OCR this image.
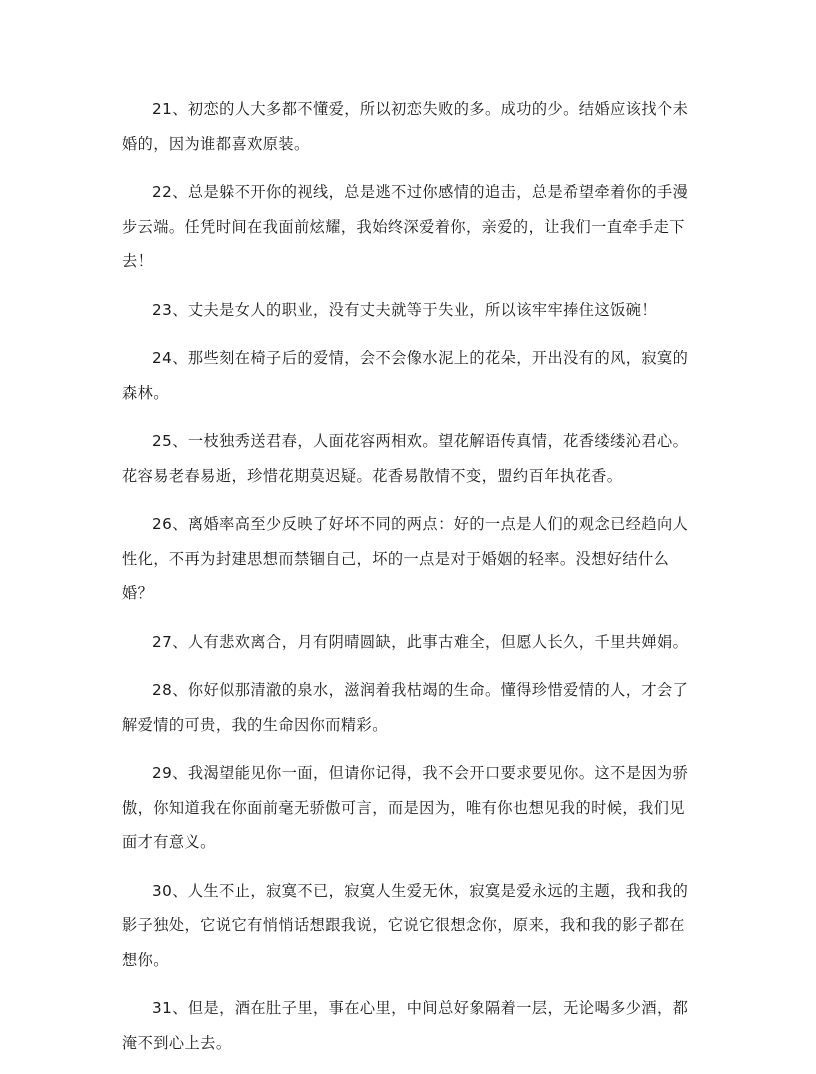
21、初恋的人大多都不懂爱，所以初恋失败的多。成功的少。结婚应该找个未婚的，因为谁都喜欢原装。

22、总是躲不开你的视线，总是逃不过你感情的追击，总是希望牵着你的手漫步云端。任凭时间在我面前炫耀，我始终深爱着你，亲爱的，让我们一直牵手走下去！

23、丈夫是女人的职业，没有丈夫就等于失业，所以该牢牢捧住这饭碗！

24、那些刻在椅子后的爱情，会不会像水泥上的花朵，开出没有的风，寂寞的森林。

25、一枝独秀送君春，人面花容两相欢。望花解语传真情，花香缕缕沁君心。花容易老春易逝，珍惜花期莫迟疑。花香易散情不变，盟约百年执花香。

26、离婚率高至少反映了好坏不同的两点：好的一点是人们的观念已经趋向人性化，不再为封建思想而禁锢自己，坏的一点是对于婚姻的轻率。没想好结什么婚？

27、人有悲欢离合，月有阴晴圆缺，此事古难全，但愿人长久，千里共婵娟。

28、你好似那清澈的泉水，滋润着我枯竭的生命。懂得珍惜爱情的人，才会了解爱情的可贵，我的生命因你而精彩。

29、我渴望能见你一面，但请你记得，我不会开口要求要见你。这不是因为骄傲，你知道我在你面前毫无骄傲可言，而是因为，唯有你也想见我的时候，我们见面才有意义。

30、人生不止，寂寞不已，寂寞人生爱无休，寂寞是爱永远的主题，我和我的影子独处，它说它有悄悄话想跟我说，它说它很想念你，原来，我和我的影子都在想你。

31、但是，酒在肚子里，事在心里，中间总好象隔着一层，无论喝多少酒，都淹不到心上去。
